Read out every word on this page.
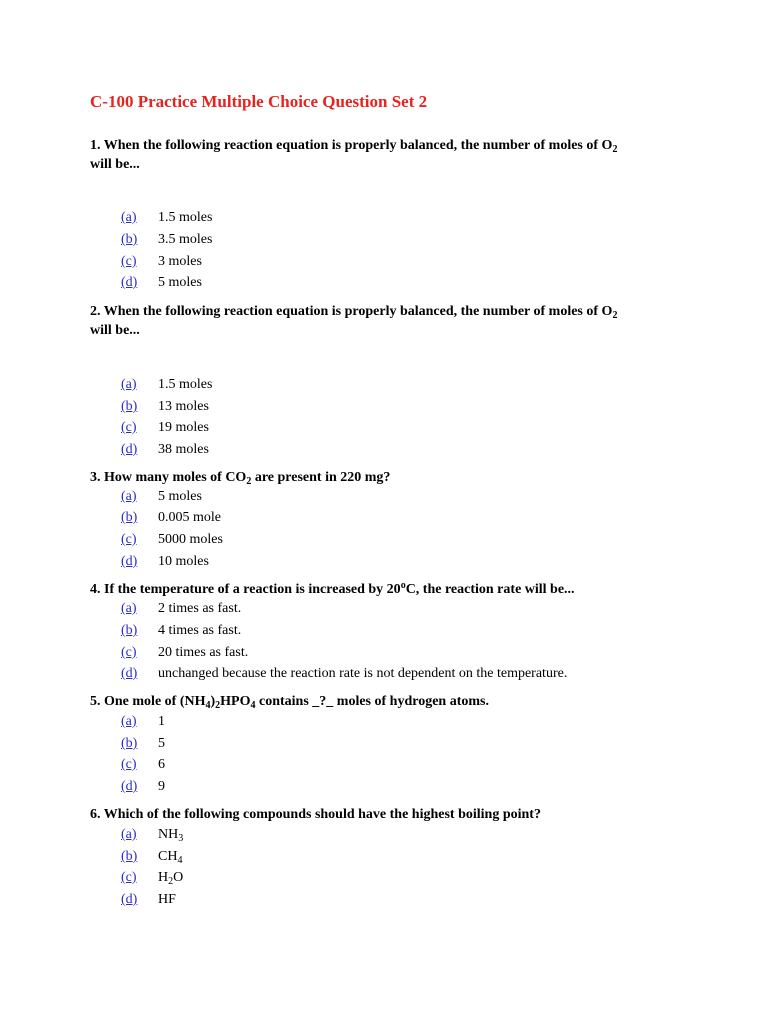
C-100 Practice Multiple Choice Question Set 2
1. When the following reaction equation is properly balanced, the number of moles of $O_2$
will be...
(a) 1.5 moles
(b) 3.5 moles
(c) 3 moles
(d) 5 moles
2. When the following reaction equation is properly balanced, the number of moles of $O_2$
will be...
(a) 1.5 moles
(b) 13 moles
(c) 19 moles
(d) 38 moles
3. How many moles of $CO_2$ are present in 220 mg?
(a) 5 moles
(b) 0.005 mole
(c) 5000 moles
(d) 10 moles
4. If the temperature of a reaction is increased by 20$^o$C, the reaction rate will be...
(a) 2 times as fast.
(b) 4 times as fast.
(c) 20 times as fast.
(d) unchanged because the reaction rate is not dependent on the temperature.
5. One mole of $(NH_4)_2HPO_4$ contains _?_ moles of hydrogen atoms.
(a) 1
(b) 5
(c) 6
(d) 9
6. Which of the following compounds should have the highest boiling point?
(a) $NH_3$
(b) $CH_4$
(c) $H_2O$
(d) HF
